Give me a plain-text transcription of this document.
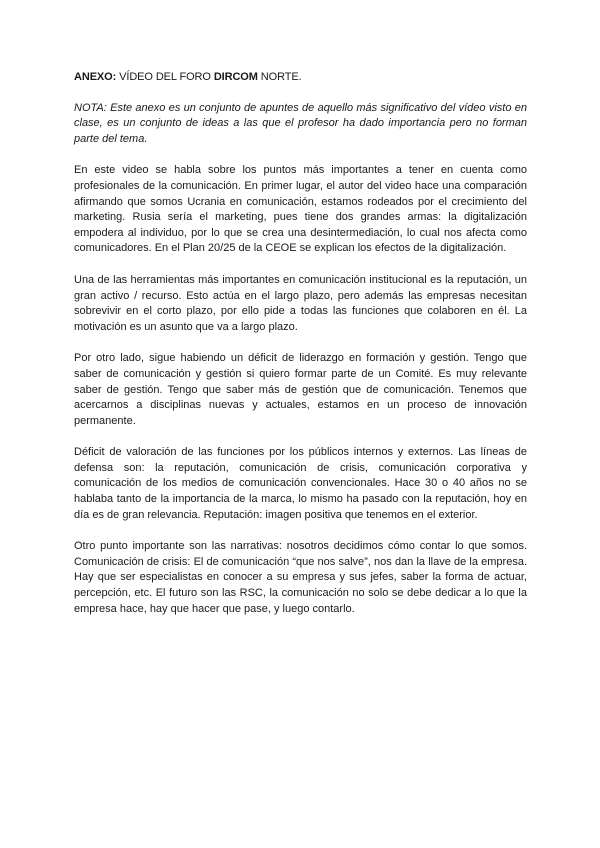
ANEXO: VÍDEO DEL FORO DIRCOM NORTE.

NOTA: Este anexo es un conjunto de apuntes de aquello más significativo del vídeo visto en clase, es un conjunto de ideas a las que el profesor ha dado importancia pero no forman parte del tema.

En este video se habla sobre los puntos más importantes a tener en cuenta como profesionales de la comunicación. En primer lugar, el autor del video hace una comparación afirmando que somos Ucrania en comunicación, estamos rodeados por el crecimiento del marketing. Rusia sería el marketing, pues tiene dos grandes armas: la digitalización empodera al individuo, por lo que se crea una desintermediación, lo cual nos afecta como comunicadores. En el Plan 20/25 de la CEOE se explican los efectos de la digitalización.

Una de las herramientas más importantes en comunicación institucional es la reputación, un gran activo / recurso. Esto actúa en el largo plazo, pero además las empresas necesitan sobrevivir en el corto plazo, por ello pide a todas las funciones que colaboren en él. La motivación es un asunto que va a largo plazo.

Por otro lado, sigue habiendo un déficit de liderazgo en formación y gestión. Tengo que saber de comunicación y gestión si quiero formar parte de un Comité. Es muy relevante saber de gestión. Tengo que saber más de gestión que de comunicación. Tenemos que acercarnos a disciplinas nuevas y actuales, estamos en un proceso de innovación permanente.

Déficit de valoración de las funciones por los públicos internos y externos. Las líneas de defensa son: la reputación, comunicación de crisis, comunicación corporativa y comunicación de los medios de comunicación convencionales. Hace 30 o 40 años no se hablaba tanto de la importancia de la marca, lo mismo ha pasado con la reputación, hoy en día es de gran relevancia. Reputación: imagen positiva que tenemos en el exterior.

Otro punto importante son las narrativas: nosotros decidimos cómo contar lo que somos. Comunicación de crisis: El de comunicación “que nos salve”, nos dan la llave de la empresa. Hay que ser especialistas en conocer a su empresa y sus jefes, saber la forma de actuar, percepción, etc. El futuro son las RSC, la comunicación no solo se debe dedicar a lo que la empresa hace, hay que hacer que pase, y luego contarlo.
